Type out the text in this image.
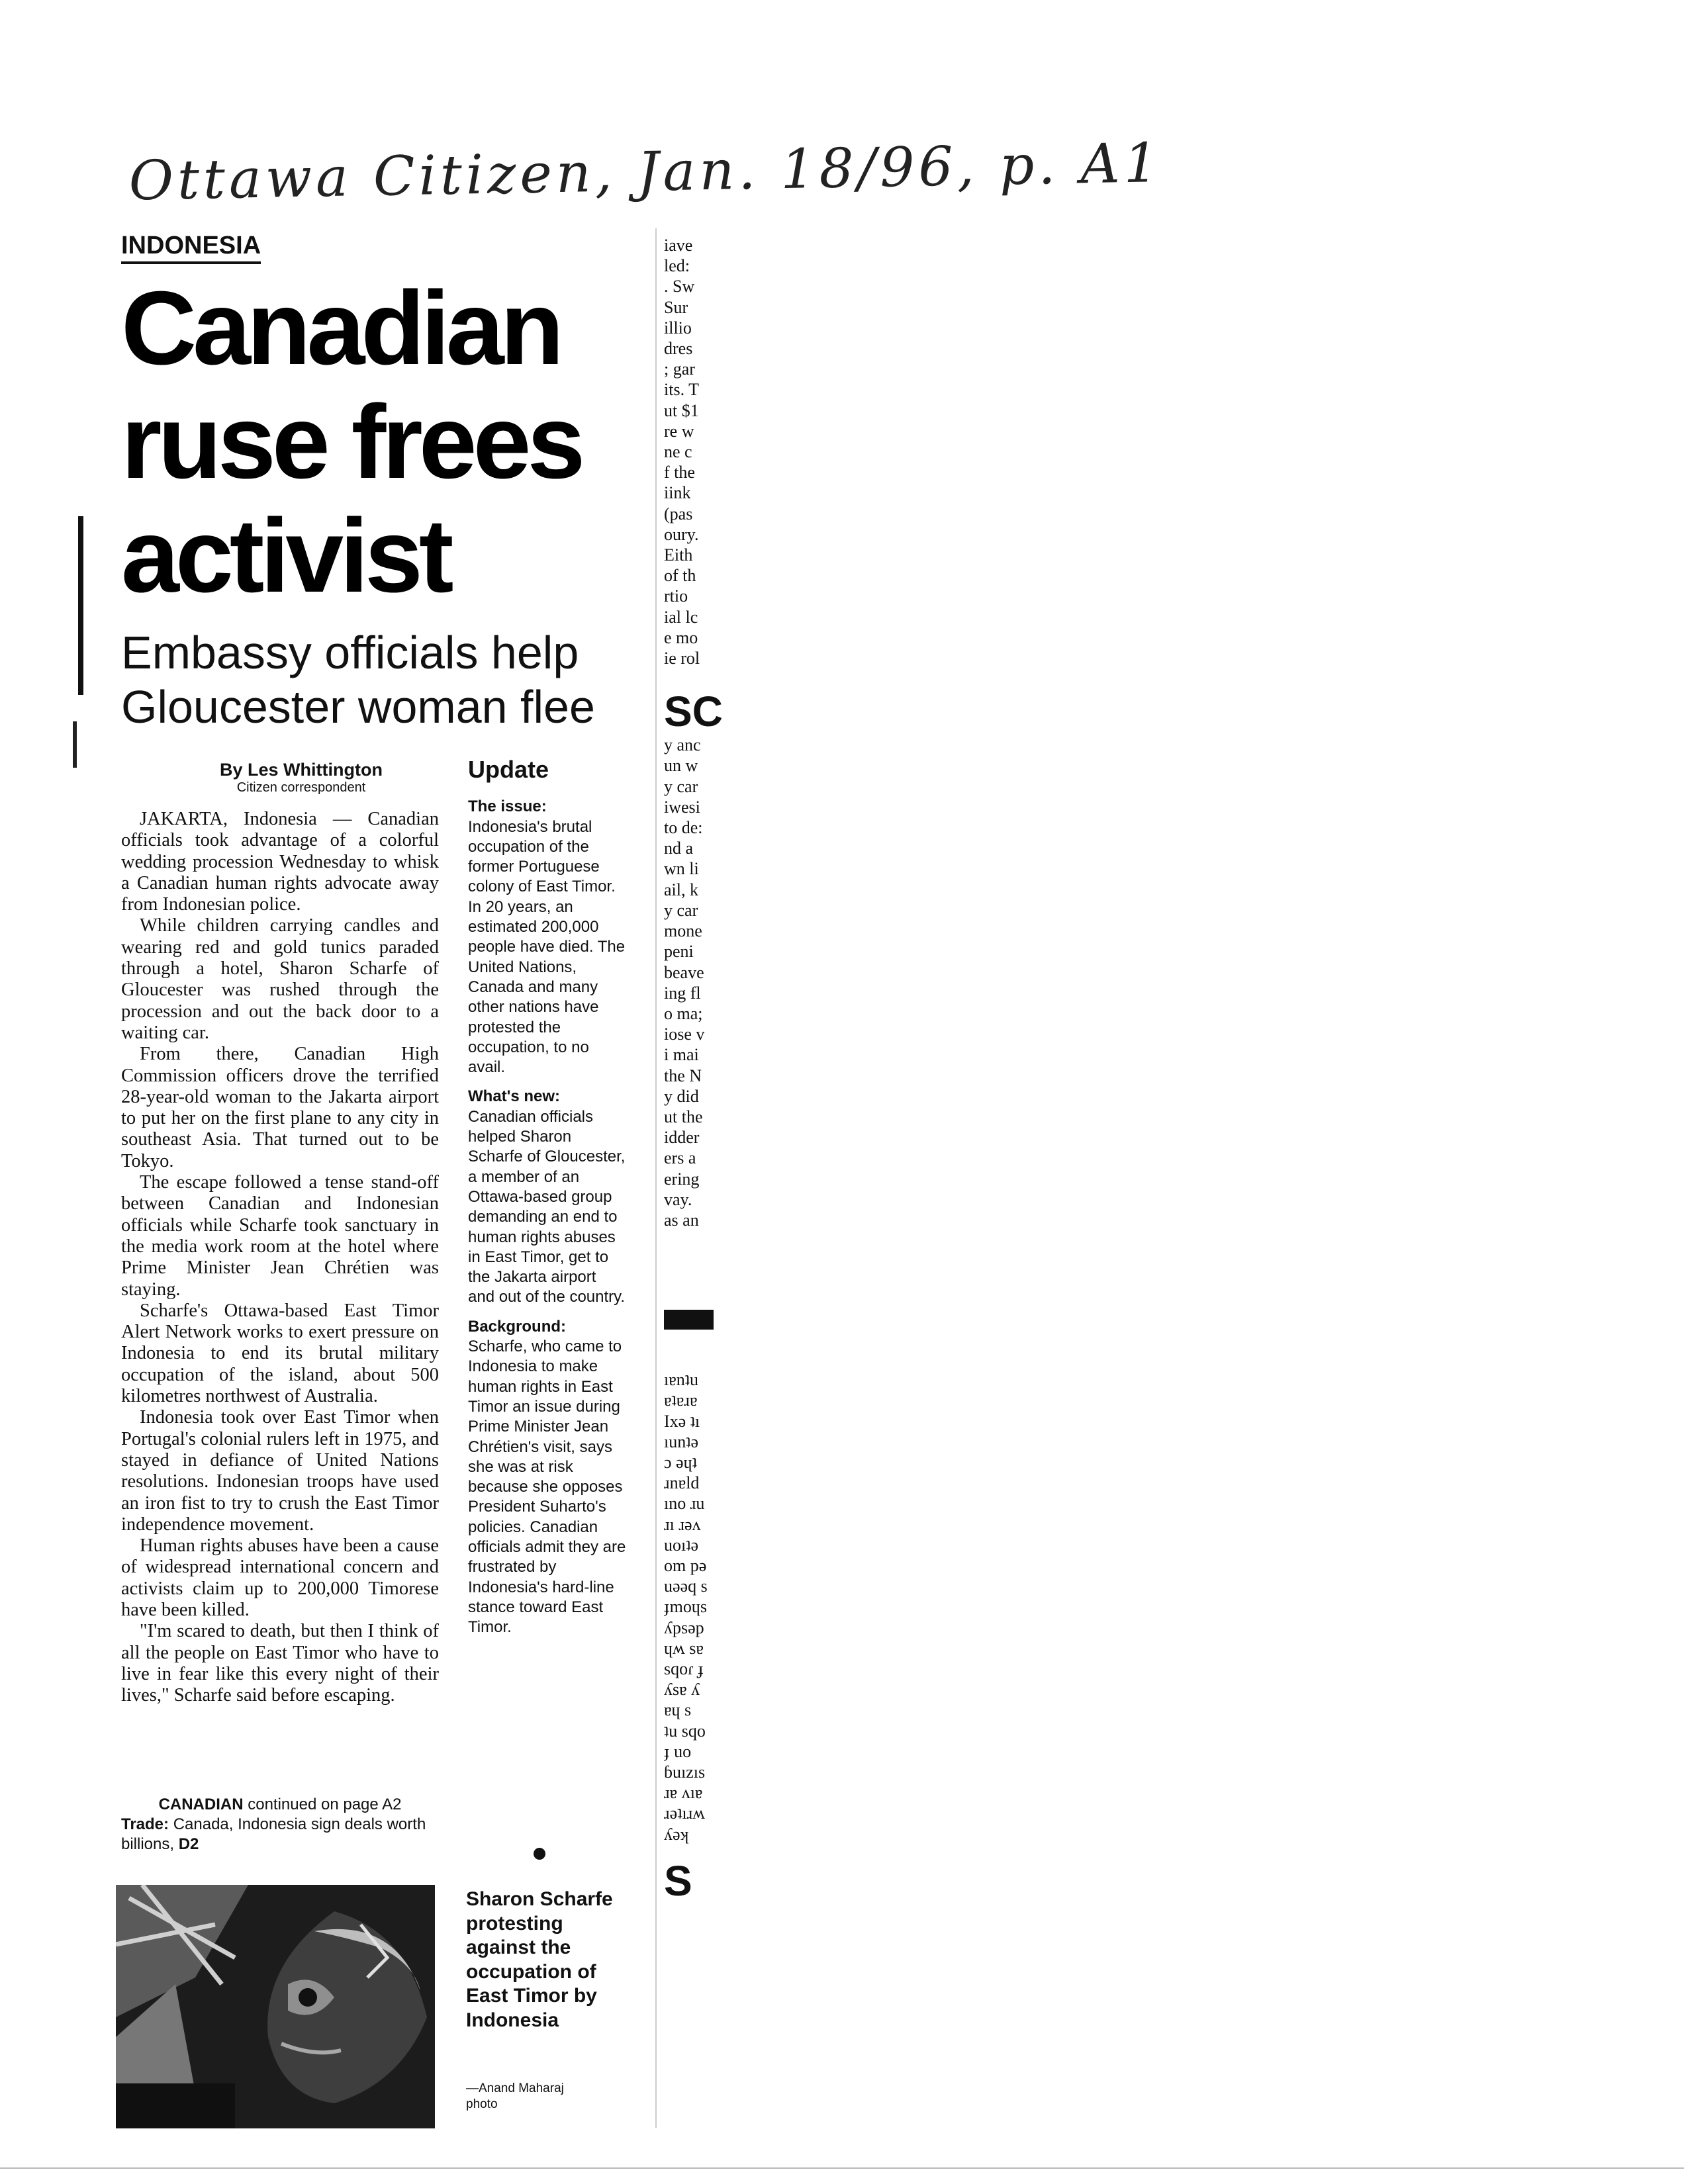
Ottawa Citizen, Jan. 18/96, p. A1
INDONESIA
Canadian
ruse frees
activist
Embassy officials help
Gloucester woman flee
By Les Whittington
Citizen correspondent

JAKARTA, Indonesia — Canadian officials took advantage of a colorful wedding procession Wednesday to whisk a Canadian human rights advocate away from Indonesian police.

While children carrying candles and wearing red and gold tunics paraded through a hotel, Sharon Scharfe of Gloucester was rushed through the procession and out the back door to a waiting car.

From there, Canadian High Commission officers drove the terrified 28-year-old woman to the Jakarta airport to put her on the first plane to any city in southeast Asia. That turned out to be Tokyo.

The escape followed a tense stand-off between Canadian and Indonesian officials while Scharfe took sanctuary in the media work room at the hotel where Prime Minister Jean Chrétien was staying.

Scharfe's Ottawa-based East Timor Alert Network works to exert pressure on Indonesia to end its brutal military occupation of the island, about 500 kilometres northwest of Australia.

Indonesia took over East Timor when Portugal's colonial rulers left in 1975, and stayed in defiance of United Nations resolutions. Indonesian troops have used an iron fist to try to crush the East Timor independence movement.

Human rights abuses have been a cause of widespread international concern and activists claim up to 200,000 Timorese have been killed.

"I'm scared to death, but then I think of all the people on East Timor who have to live in fear like this every night of their lives," Scharfe said before escaping.

CANADIAN continued on page A2
Trade: Canada, Indonesia sign deals worth billions, D2
Update

The issue:
Indonesia's brutal occupation of the former Portuguese colony of East Timor. In 20 years, an estimated 200,000 people have died. The United Nations, Canada and many other nations have protested the occupation, to no avail.

What's new:
Canadian officials helped Sharon Scharfe of Gloucester, a member of an Ottawa-based group demanding an end to human rights abuses in East Timor, get to the Jakarta airport and out of the country.

Background:
Scharfe, who came to Indonesia to make human rights in East Timor an issue during Prime Minister Jean Chrétien's visit, says she was at risk because she opposes President Suharto's policies. Canadian officials admit they are frustrated by Indonesia's hard-line stance toward East Timor.

Sharon Scharfe protesting against the occupation of East Timor by Indonesia
—Anand Maharaj photo
iave
led:
. Sw
Sur
illio
dres
; gar
its. T
ut $1
re w
ne c
f the
iink
(pas
oury.
Eith
of th
rtio
ial lc
e mo
ie rol
SC
y anc
un w
y car
iwesi
to de:
nd a
wn li
ail, k
y car
mone
peni
beave
ing fl
o ma;
iose v
i mai
the N
y did
ut the
idder
ers a
ering
vay.
as an
ıɐnʇu
ɐʇɐɹɐ
Ixə ʇı
ıunʇə
ɔ əɥʇ
ɹnɐld
ıno ɹu
ɹı ɹəʌ
uoıʇə
om pə
uəəq s
ɟmoɥs
ʎpsəp
ɥʍ sɐ
sqoɾ ɟ
ʎsɐ ʎ
ɐɥ s
ʇu sqo
ɟ uo
ɓuızıs
ɹɐ ʌıɐ
ɹəʇıɹʍ
ʎəʞ
S
